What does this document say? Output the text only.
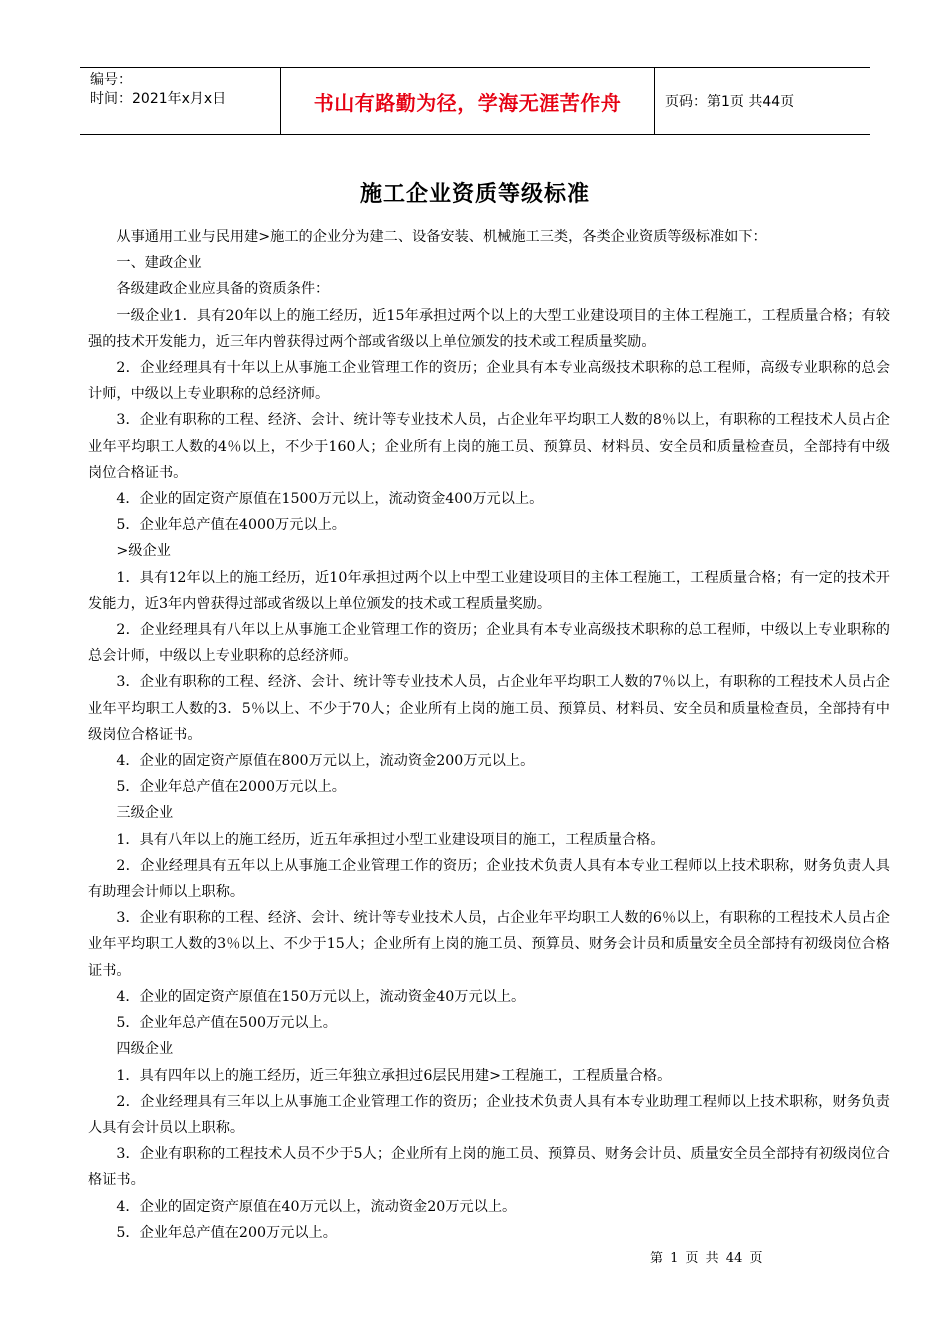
编号：
时间：2021年x月x日	书山有路勤为径，学海无涯苦作舟	页码：第1页 共44页
施工企业资质等级标准

从事通用工业与民用建>施工的企业分为建二、设备安装、机械施工三类，各类企业资质等级标准如下：

一、建政企业

各级建政企业应具备的资质条件：

一级企业1．具有20年以上的施工经历，近15年承担过两个以上的大型工业建设项目的主体工程施工，工程质量合格；有较强的技术开发能力，近三年内曾获得过两个部或省级以上单位颁发的技术或工程质量奖励。

2．企业经理具有十年以上从事施工企业管理工作的资历；企业具有本专业高级技术职称的总工程师，高级专业职称的总会计师，中级以上专业职称的总经济师。

3．企业有职称的工程、经济、会计、统计等专业技术人员，占企业年平均职工人数的8％以上，有职称的工程技术人员占企业年平均职工人数的4％以上，不少于160人；企业所有上岗的施工员、预算员、材料员、安全员和质量检查员，全部持有中级岗位合格证书。

4．企业的固定资产原值在1500万元以上，流动资金400万元以上。

5．企业年总产值在4000万元以上。

>级企业

1．具有12年以上的施工经历，近10年承担过两个以上中型工业建设项目的主体工程施工，工程质量合格；有一定的技术开发能力，近3年内曾获得过部或省级以上单位颁发的技术或工程质量奖励。

2．企业经理具有八年以上从事施工企业管理工作的资历；企业具有本专业高级技术职称的总工程师，中级以上专业职称的总会计师，中级以上专业职称的总经济师。

3．企业有职称的工程、经济、会计、统计等专业技术人员，占企业年平均职工人数的7％以上，有职称的工程技术人员占企业年平均职工人数的3．5％以上、不少于70人；企业所有上岗的施工员、预算员、材料员、安全员和质量检查员，全部持有中级岗位合格证书。

4．企业的固定资产原值在800万元以上，流动资金200万元以上。

5．企业年总产值在2000万元以上。

三级企业

1．具有八年以上的施工经历，近五年承担过小型工业建设项目的施工，工程质量合格。

2．企业经理具有五年以上从事施工企业管理工作的资历；企业技术负责人具有本专业工程师以上技术职称，财务负责人具有助理会计师以上职称。

3．企业有职称的工程、经济、会计、统计等专业技术人员，占企业年平均职工人数的6％以上，有职称的工程技术人员占企业年平均职工人数的3％以上、不少于15人；企业所有上岗的施工员、预算员、财务会计员和质量安全员全部持有初级岗位合格证书。

4．企业的固定资产原值在150万元以上，流动资金40万元以上。

5．企业年总产值在500万元以上。

四级企业

1．具有四年以上的施工经历，近三年独立承担过6层民用建>工程施工，工程质量合格。

2．企业经理具有三年以上从事施工企业管理工作的资历；企业技术负责人具有本专业助理工程师以上技术职称，财务负责人具有会计员以上职称。

3．企业有职称的工程技术人员不少于5人；企业所有上岗的施工员、预算员、财务会计员、质量安全员全部持有初级岗位合格证书。

4．企业的固定资产原值在40万元以上，流动资金20万元以上。

5．企业年总产值在200万元以上。

第 1 页 共 44 页
